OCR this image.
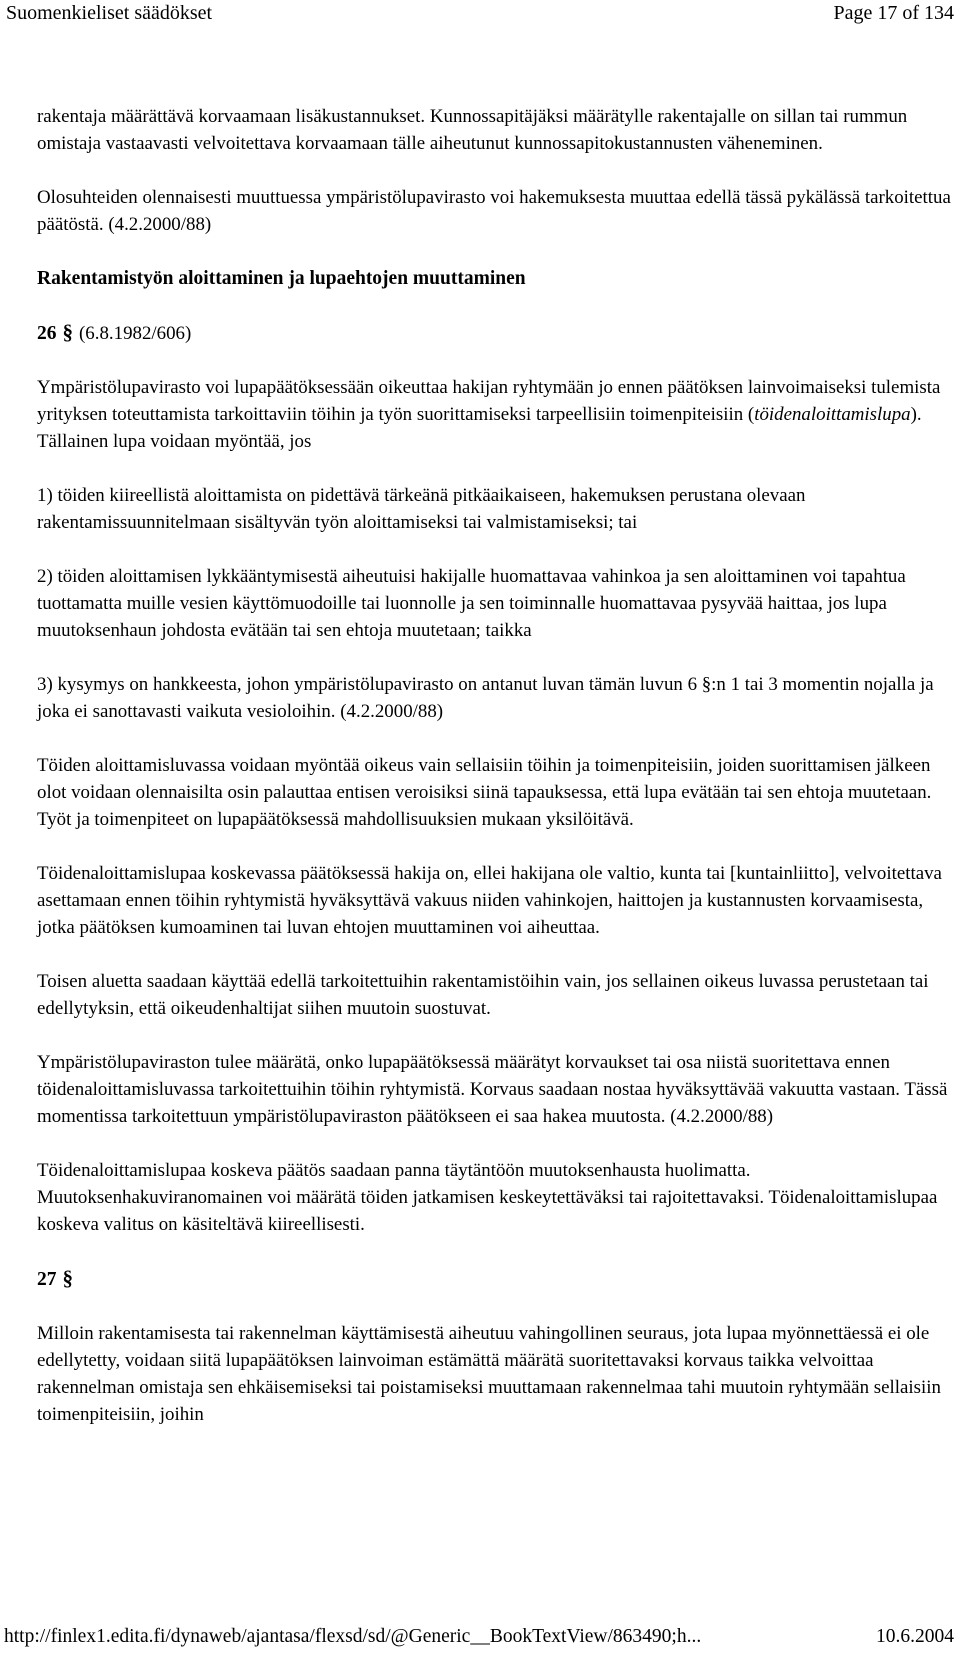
Suomenkieliset säädökset	Page 17 of 134

rakentaja määrättävä korvaamaan lisäkustannukset. Kunnossapitäjäksi määrätylle rakentajalle on sillan tai rummun omistaja vastaavasti velvoitettava korvaamaan tälle aiheutunut kunnossapitokustannusten väheneminen.

Olosuhteiden olennaisesti muuttuessa ympäristölupavirasto voi hakemuksesta muuttaa edellä tässä pykälässä tarkoitettua päätöstä. (4.2.2000/88)

Rakentamistyön aloittaminen ja lupaehtojen muuttaminen

26 § (6.8.1982/606)

Ympäristölupavirasto voi lupapäätöksessään oikeuttaa hakijan ryhtymään jo ennen päätöksen lainvoimaiseksi tulemista yrityksen toteuttamista tarkoittaviin töihin ja työn suorittamiseksi tarpeellisiin toimenpiteisiin (töidenaloittamislupa). Tällainen lupa voidaan myöntää, jos

1) töiden kiireellistä aloittamista on pidettävä tärkeänä pitkäaikaiseen, hakemuksen perustana olevaan rakentamissuunnitelmaan sisältyvän työn aloittamiseksi tai valmistamiseksi; tai

2) töiden aloittamisen lykkääntymisestä aiheutuisi hakijalle huomattavaa vahinkoa ja sen aloittaminen voi tapahtua tuottamatta muille vesien käyttömuodoille tai luonnolle ja sen toiminnalle huomattavaa pysyvää haittaa, jos lupa muutoksenhaun johdosta evätään tai sen ehtoja muutetaan; taikka

3) kysymys on hankkeesta, johon ympäristölupavirasto on antanut luvan tämän luvun 6 §:n 1 tai 3 momentin nojalla ja joka ei sanottavasti vaikuta vesioloihin. (4.2.2000/88)

Töiden aloittamisluvassa voidaan myöntää oikeus vain sellaisiin töihin ja toimenpiteisiin, joiden suorittamisen jälkeen olot voidaan olennaisilta osin palauttaa entisen veroisiksi siinä tapauksessa, että lupa evätään tai sen ehtoja muutetaan. Työt ja toimenpiteet on lupapäätöksessä mahdollisuuksien mukaan yksilöitävä.

Töidenaloittamislupaa koskevassa päätöksessä hakija on, ellei hakijana ole valtio, kunta tai [kuntainliitto], velvoitettava asettamaan ennen töihin ryhtymistä hyväksyttävä vakuus niiden vahinkojen, haittojen ja kustannusten korvaamisesta, jotka päätöksen kumoaminen tai luvan ehtojen muuttaminen voi aiheuttaa.

Toisen aluetta saadaan käyttää edellä tarkoitettuihin rakentamistöihin vain, jos sellainen oikeus luvassa perustetaan tai edellytyksin, että oikeudenhaltijat siihen muutoin suostuvat.

Ympäristölupaviraston tulee määrätä, onko lupapäätöksessä määrätyt korvaukset tai osa niistä suoritettava ennen töidenaloittamisluvassa tarkoitettuihin töihin ryhtymistä. Korvaus saadaan nostaa hyväksyttävää vakuutta vastaan. Tässä momentissa tarkoitettuun ympäristölupaviraston päätökseen ei saa hakea muutosta. (4.2.2000/88)

Töidenaloittamislupaa koskeva päätös saadaan panna täytäntöön muutoksenhausta huolimatta. Muutoksenhakuviranomainen voi määrätä töiden jatkamisen keskeytettäväksi tai rajoitettavaksi. Töidenaloittamislupaa koskeva valitus on käsiteltävä kiireellisesti.

27 §

Milloin rakentamisesta tai rakennelman käyttämisestä aiheutuu vahingollinen seuraus, jota lupaa myönnettäessä ei ole edellytetty, voidaan siitä lupapäätöksen lainvoiman estämättä määrätä suoritettavaksi korvaus taikka velvoittaa rakennelman omistaja sen ehkäisemiseksi tai poistamiseksi muuttamaan rakennelmaa tahi muutoin ryhtymään sellaisiin toimenpiteisiin, joihin

http://finlex1.edita.fi/dynaweb/ajantasa/flexsd/sd/@Generic__BookTextView/863490;h...	10.6.2004
